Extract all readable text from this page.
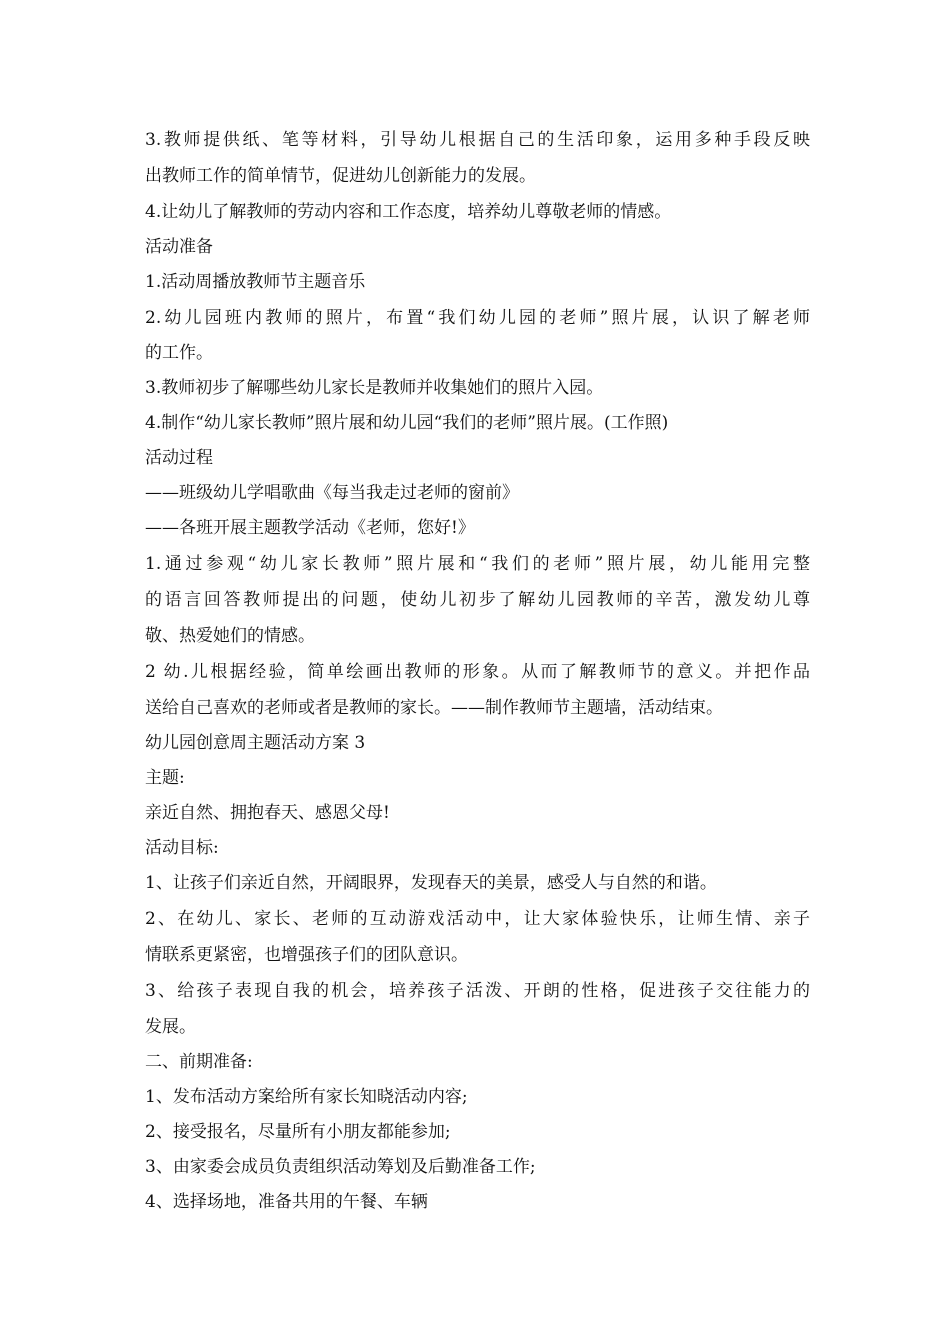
3.教师提供纸、笔等材料，引导幼儿根据自己的生活印象，运用多种手段反映
出教师工作的简单情节，促进幼儿创新能力的发展。
4.让幼儿了解教师的劳动内容和工作态度，培养幼儿尊敬老师的情感。
活动准备
1.活动周播放教师节主题音乐
2.幼儿园班内教师的照片，布置“我们幼儿园的老师”照片展，认识了解老师
的工作。
3.教师初步了解哪些幼儿家长是教师并收集她们的照片入园。
4.制作“幼儿家长教师”照片展和幼儿园“我们的老师”照片展。(工作照)
活动过程
——班级幼儿学唱歌曲《每当我走过老师的窗前》
——各班开展主题教学活动《老师，您好!》
1.通过参观“幼儿家长教师”照片展和“我们的老师”照片展，幼儿能用完整
的语言回答教师提出的问题，使幼儿初步了解幼儿园教师的辛苦，激发幼儿尊
敬、热爱她们的情感。
2 幼.儿根据经验，简单绘画出教师的形象。从而了解教师节的意义。并把作品
送给自己喜欢的老师或者是教师的家长。——制作教师节主题墙，活动结束。
幼儿园创意周主题活动方案 3
主题:
亲近自然、拥抱春天、感恩父母!
活动目标:
1、让孩子们亲近自然，开阔眼界，发现春天的美景，感受人与自然的和谐。
2、在幼儿、家长、老师的互动游戏活动中，让大家体验快乐，让师生情、亲子
情联系更紧密，也增强孩子们的团队意识。
3、给孩子表现自我的机会，培养孩子活泼、开朗的性格，促进孩子交往能力的
发展。
二、前期准备:
1、发布活动方案给所有家长知晓活动内容;
2、接受报名，尽量所有小朋友都能参加;
3、由家委会成员负责组织活动筹划及后勤准备工作;
4、选择场地，准备共用的午餐、车辆
